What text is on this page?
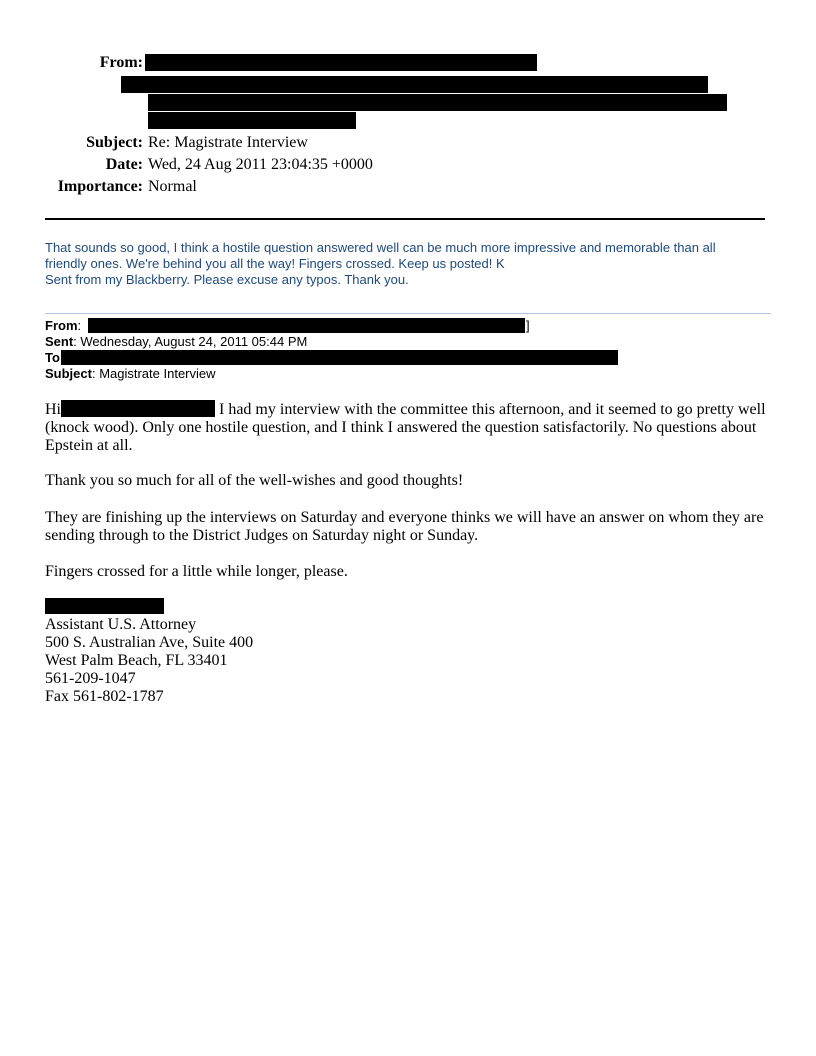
From:
Subject: Re: Magistrate Interview
Date: Wed, 24 Aug 2011 23:04:35 +0000
Importance: Normal
That sounds so good, I think a hostile question answered well can be much more impressive and memorable than all
friendly ones. We're behind you all the way! Fingers crossed. Keep us posted! K
Sent from my Blackberry. Please excuse any typos. Thank you.
From:	]
Sent: Wednesday, August 24, 2011 05:44 PM
To
Subject: Magistrate Interview
Hi	I had my interview with the committee this afternoon, and it seemed to go pretty well (knock wood). Only one hostile question, and I think I answered the question satisfactorily. No questions about Epstein at all.
Thank you so much for all of the well-wishes and good thoughts!
They are finishing up the interviews on Saturday and everyone thinks we will have an answer on whom they are sending through to the District Judges on Saturday night or Sunday.
Fingers crossed for a little while longer, please.
Assistant U.S. Attorney
500 S. Australian Ave, Suite 400
West Palm Beach, FL 33401
561-209-1047
Fax 561-802-1787
